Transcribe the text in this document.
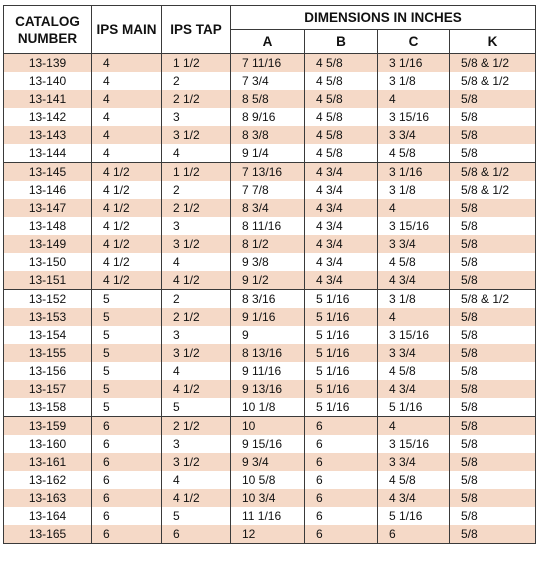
CATALOG NUMBER	IPS MAIN	IPS TAP	DIMENSIONS IN INCHES			
			A	B	C	K
13-139	4	1 1/2	7 11/16	4 5/8	3 1/16	5/8 & 1/2
13-140	4	2	7 3/4	4 5/8	3 1/8	5/8 & 1/2
13-141	4	2 1/2	8 5/8	4 5/8	4	5/8
13-142	4	3	8 9/16	4 5/8	3 15/16	5/8
13-143	4	3 1/2	8 3/8	4 5/8	3 3/4	5/8
13-144	4	4	9 1/4	4 5/8	4 5/8	5/8
13-145	4 1/2	1 1/2	7 13/16	4 3/4	3 1/16	5/8 & 1/2
13-146	4 1/2	2	7 7/8	4 3/4	3 1/8	5/8 & 1/2
13-147	4 1/2	2 1/2	8 3/4	4 3/4	4	5/8
13-148	4 1/2	3	8 11/16	4 3/4	3 15/16	5/8
13-149	4 1/2	3 1/2	8 1/2	4 3/4	3 3/4	5/8
13-150	4 1/2	4	9 3/8	4 3/4	4 5/8	5/8
13-151	4 1/2	4 1/2	9 1/2	4 3/4	4 3/4	5/8
13-152	5	2	8 3/16	5 1/16	3 1/8	5/8 & 1/2
13-153	5	2 1/2	9 1/16	5 1/16	4	5/8
13-154	5	3	9	5 1/16	3 15/16	5/8
13-155	5	3 1/2	8 13/16	5 1/16	3 3/4	5/8
13-156	5	4	9 11/16	5 1/16	4 5/8	5/8
13-157	5	4 1/2	9 13/16	5 1/16	4 3/4	5/8
13-158	5	5	10 1/8	5 1/16	5 1/16	5/8
13-159	6	2 1/2	10	6	4	5/8
13-160	6	3	9 15/16	6	3 15/16	5/8
13-161	6	3 1/2	9 3/4	6	3 3/4	5/8
13-162	6	4	10 5/8	6	4 5/8	5/8
13-163	6	4 1/2	10 3/4	6	4 3/4	5/8
13-164	6	5	11 1/16	6	5 1/16	5/8
13-165	6	6	12	6	6	5/8
